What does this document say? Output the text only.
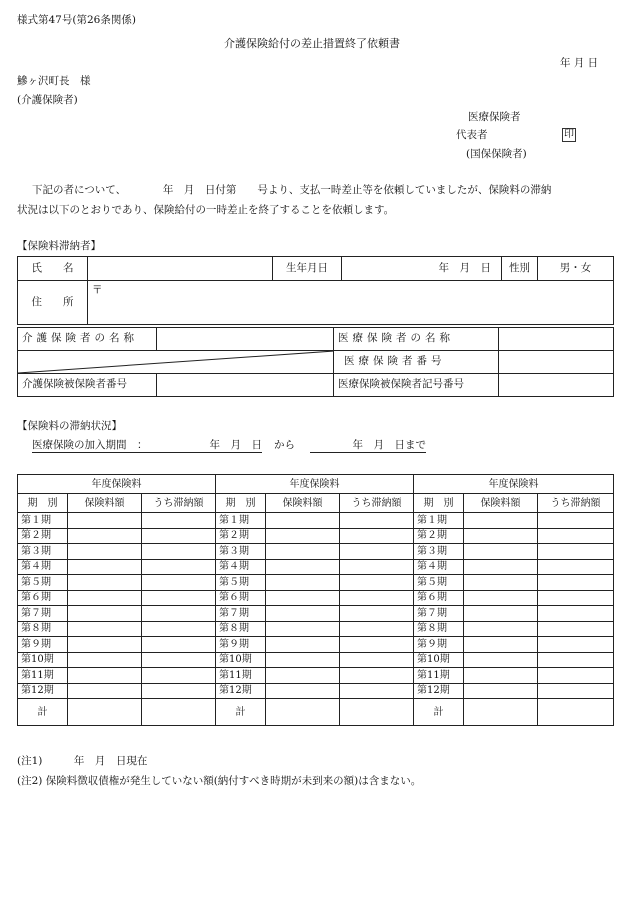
様式第47号(第26条関係)
介護保険給付の差止措置終了依頼書
年 月 日
鰺ヶ沢町長　様
(介護保険者)
医療保険者
代表者	印
(国保保険者)
下記の者について、　　　　年　月　日付第　　号より、支払一時差止等を依頼していましたが、保険料の滞納
状況は以下のとおりであり、保険給付の一時差止を終了することを依頼します。
【保険料滞納者】
氏　　名		生年月日	年　月　日	性別	男・女
住　　所	〒				
介護保険者の名称		医療保険者の名称	

	医療保険者番号	
介護保険被保険者番号		医療保険被保険者記号番号	
【保険料の滞納状況】
医療保険の加入期間　：	年　月　日 から	年　月　日まで
年度保険料			年度保険料			年度保険料		
期　別	保険料額	うち滞納額	期　別	保険料額	うち滞納額	期　別	保険料額	うち滞納額
第１期			第１期			第１期		
第２期			第２期			第２期		
第３期			第３期			第３期		
第４期			第４期			第４期		
第５期			第５期			第５期		
第６期			第６期			第６期		
第７期			第７期			第７期		
第８期			第８期			第８期		
第９期			第９期			第９期		
第10期			第10期			第10期		
第11期			第11期			第11期		
第12期			第12期			第12期		
計			計			計		
(注1)　　　年　月　日現在
(注2) 保険料徴収債権が発生していない額(納付すべき時期が未到来の額)は含まない。
